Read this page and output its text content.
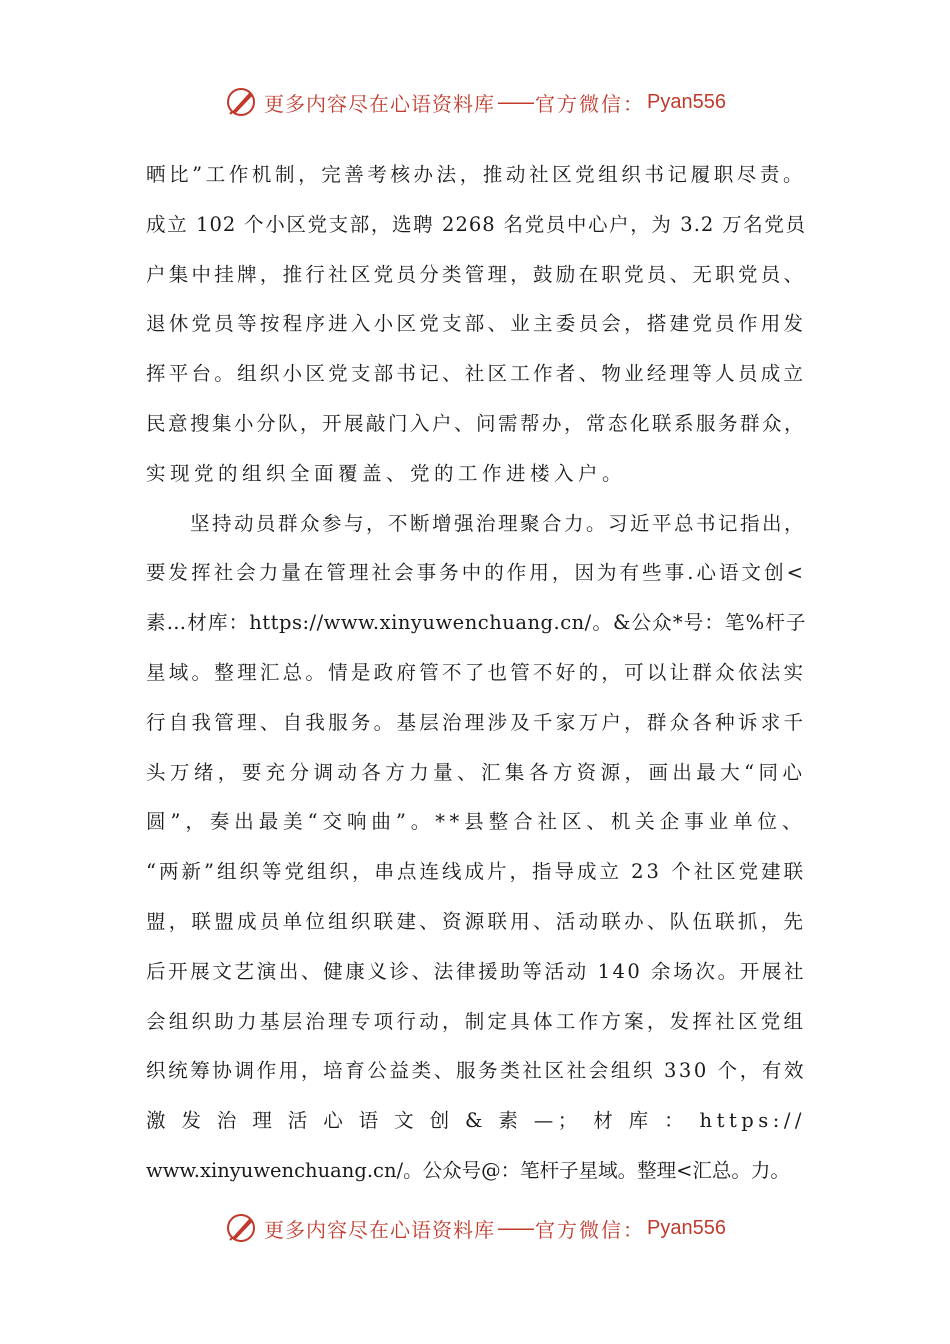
更多内容尽在心语资料库 —— 官方微信： Pyan556

晒比”工作机制，完善考核办法，推动社区党组织书记履职尽责。
成立 102 个小区党支部，选聘 2268 名党员中心户，为 3.2 万名党员
户集中挂牌，推行社区党员分类管理，鼓励在职党员、无职党员、
退休党员等按程序进入小区党支部、业主委员会，搭建党员作用发
挥平台。组织小区党支部书记、社区工作者、物业经理等人员成立
民意搜集小分队，开展敲门入户、问需帮办，常态化联系服务群众，
实现党的组织全面覆盖、党的工作进楼入户。

坚持动员群众参与，不断增强治理聚合力。习近平总书记指出，
要发挥社会力量在管理社会事务中的作用，因为有些事.心语文创<
素…材库：https://www.xinyuwenchuang.cn/。&公众*号：笔%杆子
星域。整理汇总。情是政府管不了也管不好的，可以让群众依法实
行自我管理、自我服务。基层治理涉及千家万户，群众各种诉求千
头万绪，要充分调动各方力量、汇集各方资源，画出最大“同心
圆”，奏出最美“交响曲”。**县整合社区、机关企事业单位、
“两新”组织等党组织，串点连线成片，指导成立 23 个社区党建联
盟，联盟成员单位组织联建、资源联用、活动联办、队伍联抓，先
后开展文艺演出、健康义诊、法律援助等活动 140 余场次。开展社
会组织助力基层治理专项行动，制定具体工作方案，发挥社区党组
织统筹协调作用，培育公益类、服务类社区社会组织 330 个，有效
激发治理活心语文创&素—；材库：https://
www.xinyuwenchuang.cn/。公众号@：笔杆子星域。整理<汇总。力。

更多内容尽在心语资料库 —— 官方微信： Pyan556
